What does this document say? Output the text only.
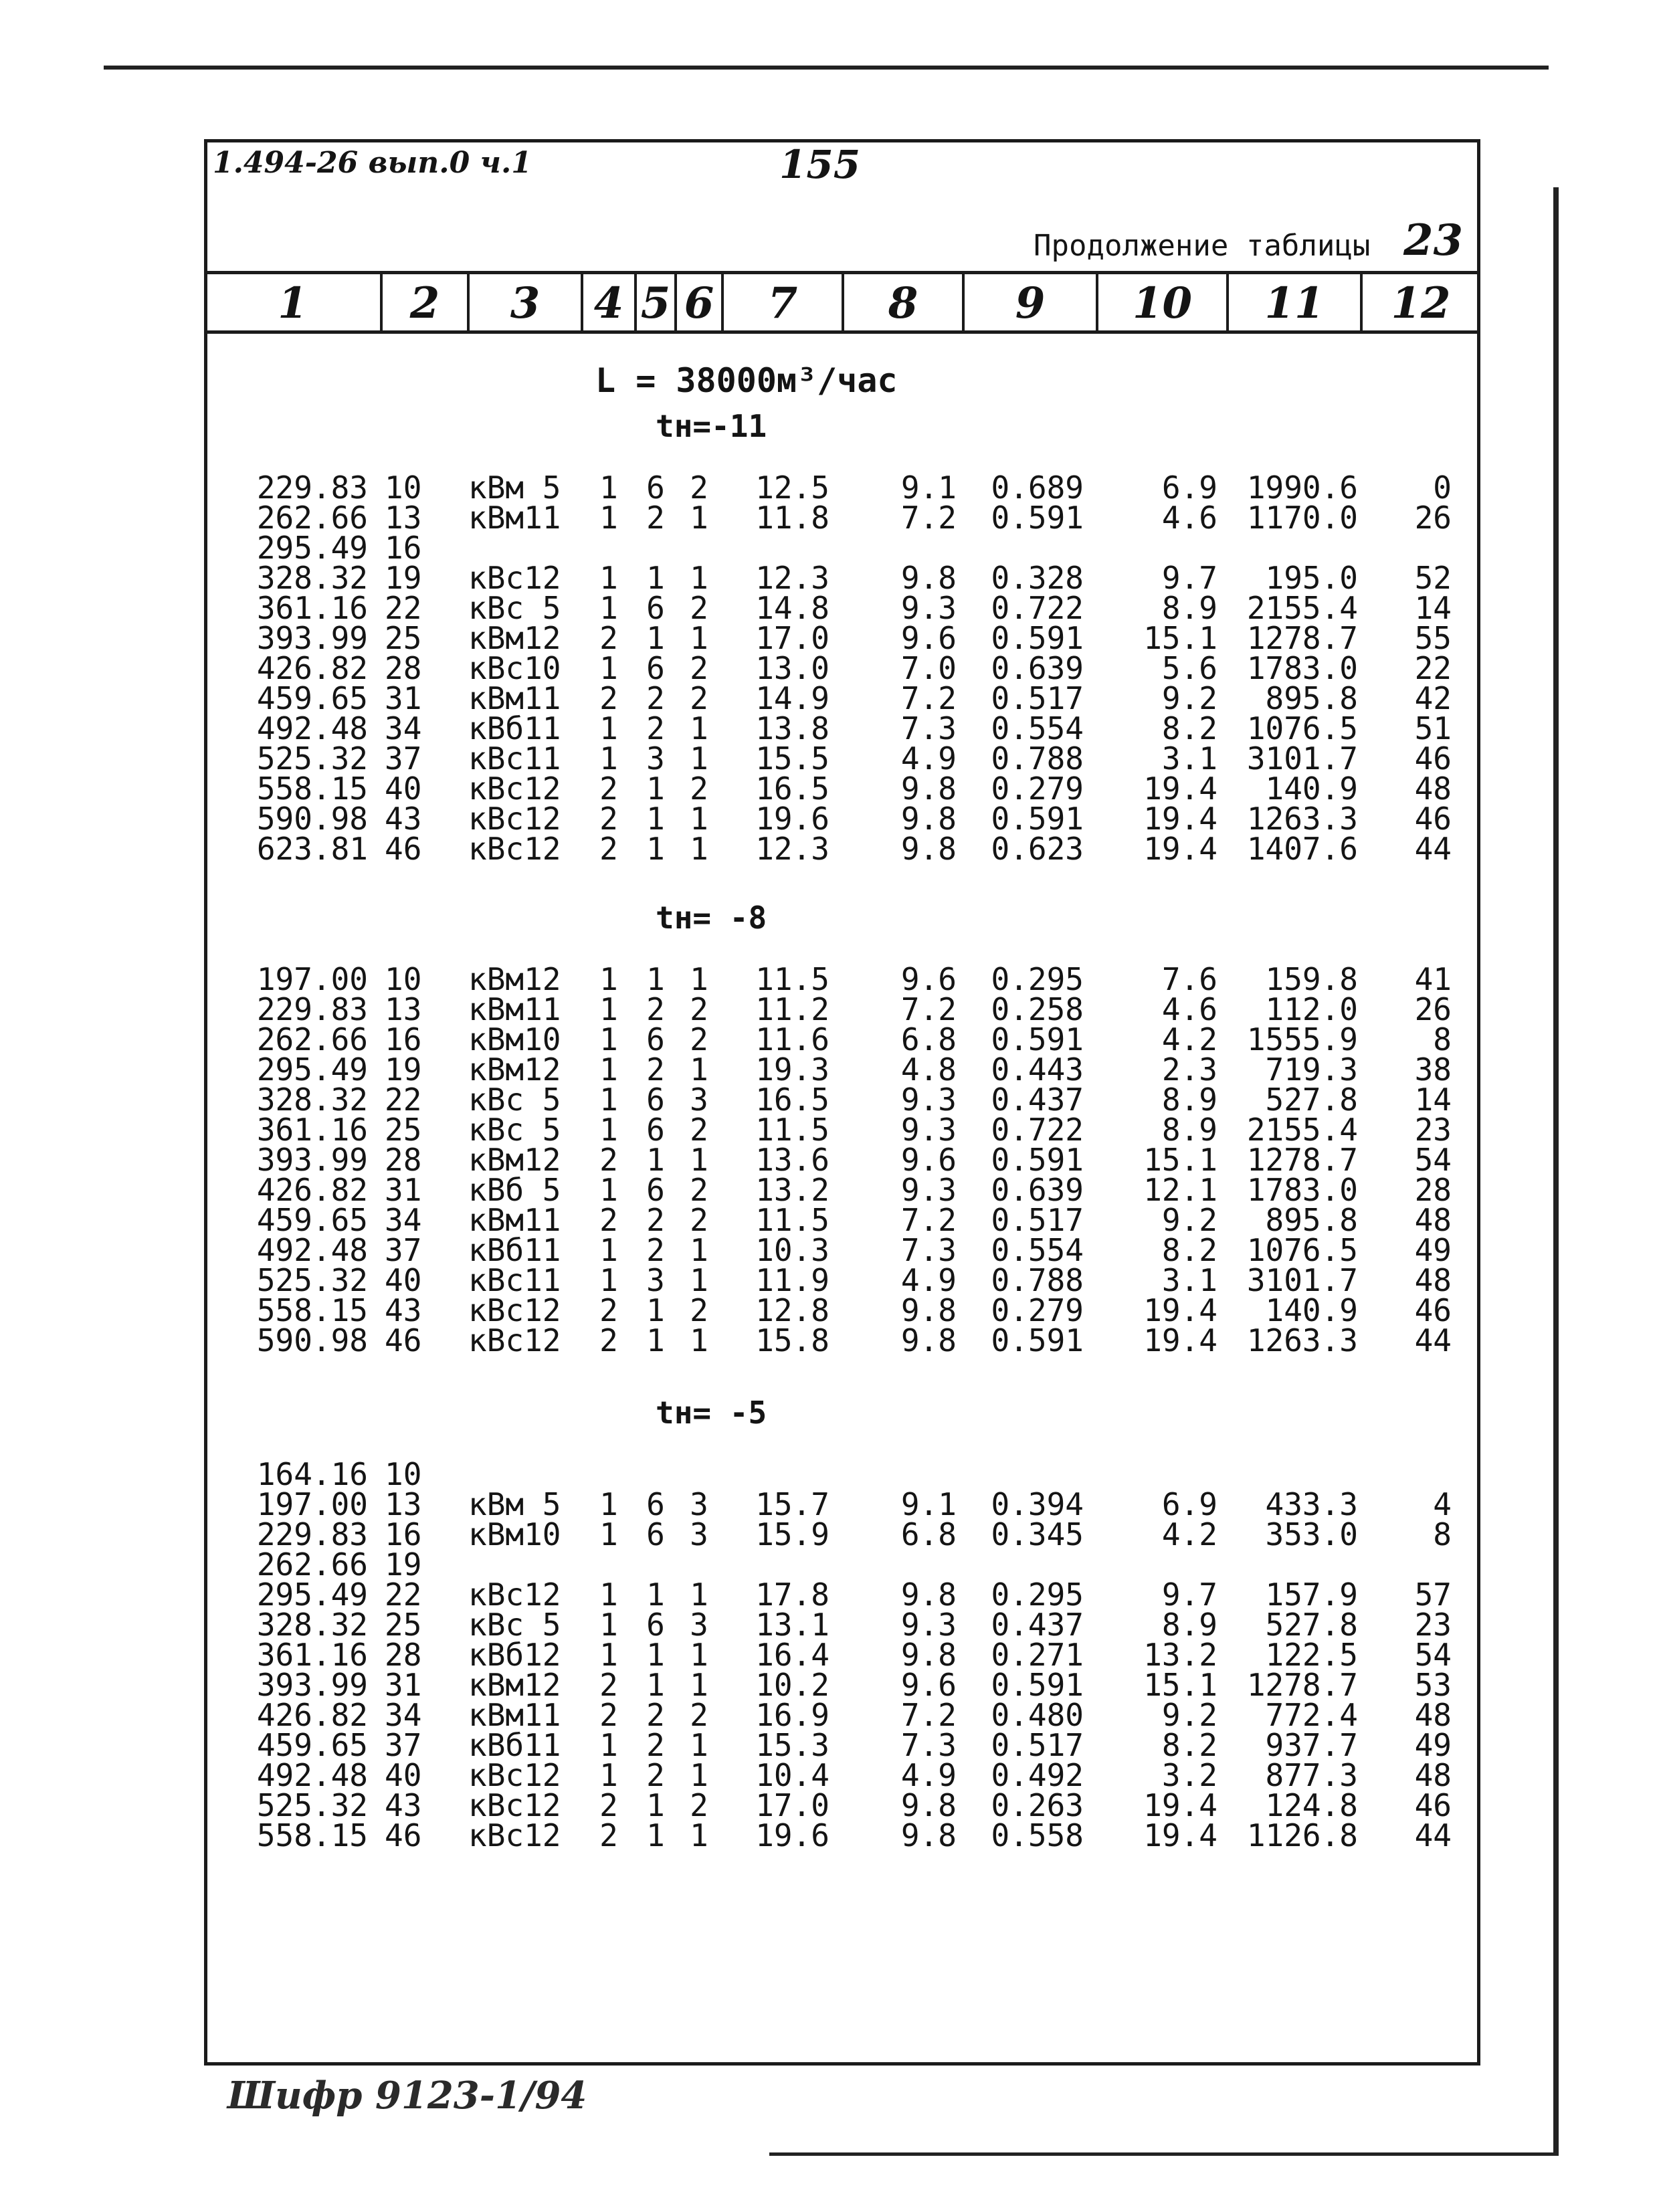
1.494-26 вып.0 ч.1	155
Продолжение таблицы 23
1	2	3	4 5 6	7	8	9	10	11	12
L = 38000м³/час
tн=-11
229.83 10	кВм 5	1 6 2	12.5	9.1	0.689	6.9 1990.6	0
262.66 13	кВм11	1 2 1	11.8	7.2	0.591	4.6 1170.0	26
295.49 16
328.32 19	кВс12	1 1 1	12.3	9.8	0.328	9.7	195.0	52
361.16 22	кВс 5	1 6 2	14.8	9.3	0.722	8.9 2155.4	14
393.99 25	кВм12	2 1 1	17.0	9.6	0.591	15.1 1278.7	55
426.82 28	кВс10	1 6 2	13.0	7.0	0.639	5.6 1783.0	22
459.65 31	кВм11	2 2 2	14.9	7.2	0.517	9.2	895.8	42
492.48 34	кВб11	1 2 1	13.8	7.3	0.554	8.2 1076.5	51
525.32 37	кВс11	1 3 1	15.5	4.9	0.788	3.1 3101.7	46
558.15 40	кВс12	2 1 2	16.5	9.8	0.279	19.4	140.9	48
590.98 43	кВс12	2 1 1	19.6	9.8	0.591	19.4 1263.3	46
623.81 46	кВс12	2 1 1	12.3	9.8	0.623	19.4 1407.6	44
tн= -8
197.00 10	кВм12	1 1 1	11.5	9.6	0.295	7.6	159.8	41
229.83 13	кВм11	1 2 2	11.2	7.2	0.258	4.6	112.0	26
262.66 16	кВм10	1 6 2	11.6	6.8	0.591	4.2 1555.9	8
295.49 19	кВм12	1 2 1	19.3	4.8	0.443	2.3	719.3	38
328.32 22	кВс 5	1 6 3	16.5	9.3	0.437	8.9	527.8	14
361.16 25	кВс 5	1 6 2	11.5	9.3	0.722	8.9 2155.4	23
393.99 28	кВм12	2 1 1	13.6	9.6	0.591	15.1 1278.7	54
426.82 31	кВб 5	1 6 2	13.2	9.3	0.639	12.1 1783.0	28
459.65 34	кВм11	2 2 2	11.5	7.2	0.517	9.2	895.8	48
492.48 37	кВб11	1 2 1	10.3	7.3	0.554	8.2 1076.5	49
525.32 40	кВс11	1 3 1	11.9	4.9	0.788	3.1 3101.7	48
558.15 43	кВс12	2 1 2	12.8	9.8	0.279	19.4	140.9	46
590.98 46	кВс12	2 1 1	15.8	9.8	0.591	19.4 1263.3	44
tн= -5
164.16 10
197.00 13	кВм 5	1 6 3	15.7	9.1	0.394	6.9	433.3	4
229.83 16	кВм10	1 6 3	15.9	6.8	0.345	4.2	353.0	8
262.66 19
295.49 22	кВс12	1 1 1	17.8	9.8	0.295	9.7	157.9	57
328.32 25	кВс 5	1 6 3	13.1	9.3	0.437	8.9	527.8	23
361.16 28	кВб12	1 1 1	16.4	9.8	0.271	13.2	122.5	54
393.99 31	кВм12	2 1 1	10.2	9.6	0.591	15.1 1278.7	53
426.82 34	кВм11	2 2 2	16.9	7.2	0.480	9.2	772.4	48
459.65 37	кВб11	1 2 1	15.3	7.3	0.517	8.2	937.7	49
492.48 40	кВс12	1 2 1	10.4	4.9	0.492	3.2	877.3	48
525.32 43	кВс12	2 1 2	17.0	9.8	0.263	19.4	124.8	46
558.15 46	кВс12	2 1 1	19.6	9.8	0.558	19.4 1126.8	44
Шифр 9123-1/94
